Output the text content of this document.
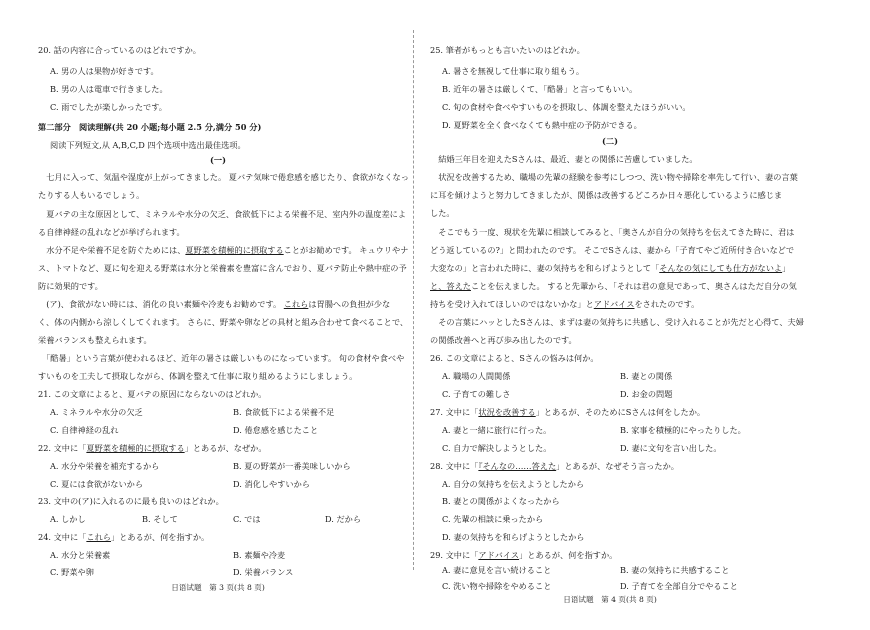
20. 話の内容に合っているのはどれですか。
A. 男の人は果物が好きです。
B. 男の人は電車で行きました。
C. 雨でしたが楽しかったです。
第二部分　阅读理解(共 20 小题;每小题 2.5 分,满分 50 分)
阅读下列短文,从 A,B,C,D 四个选项中选出最佳选项。
(一)
　七月に入って、気温や湿度が上がってきました。 夏バテ気味で倦怠感を感じたり、食欲がなくなっ
たりする人もいるでしょう。
　夏バテの主な原因として、ミネラルや水分の欠乏、食欲低下による栄養不足、室内外の温度差によ
る自律神経の乱れなどが挙げられます。
　水分不足や栄養不足を防ぐためには、夏野菜を積極的に摂取することがお勧めです。 キュウリやナ
ス、トマトなど、夏に旬を迎える野菜は水分と栄養素を豊富に含んでおり、夏バテ防止や熱中症の予
防に効果的です。
　(ア)、食欲がない時には、消化の良い素麺や冷麦もお勧めです。 これらは胃腸への負担が少な
く、体の内側から涼しくしてくれます。 さらに、野菜や卵などの具材と組み合わせて食べることで、
栄養バランスも整えられます。
　「酷暑」という言葉が使われるほど、近年の暑さは厳しいものになっています。 旬の食材や食べや
すいものを工夫して摂取しながら、体調を整えて仕事に取り組めるようにしましょう。
21. この文章によると、夏バテの原因にならないのはどれか。
A. ミネラルや水分の欠乏	B. 食欲低下による栄養不足
C. 自律神経の乱れ	D. 倦怠感を感じたこと
22. 文中に「夏野菜を積極的に摂取する」とあるが、なぜか。
A. 水分や栄養を補充するから	B. 夏の野菜が一番美味しいから
C. 夏には食欲がないから	D. 消化しやすいから
23. 文中の(ア)に入れるのに最も良いのはどれか。
A. しかし	B. そして	C. では	D. だから
24. 文中に「これら」とあるが、何を指すか。
A. 水分と栄養素	B. 素麺や冷麦
C. 野菜や卵	D. 栄養バランス
日语试题　第 3 页(共 8 页)
25. 筆者がもっとも言いたいのはどれか。
A. 暑さを無視して仕事に取り組もう。
B. 近年の暑さは厳しくて、「酷暑」と言ってもいい。
C. 旬の食材や食べやすいものを摂取し、体調を整えたほうがいい。
D. 夏野菜を全く食べなくても熱中症の予防ができる。
(二)
　結婚三年目を迎えたSさんは、最近、妻との関係に苦慮していました。
　状況を改善するため、職場の先輩の経験を参考にしつつ、洗い物や掃除を率先して行い、妻の言葉
に耳を傾けようと努力してきましたが、関係は改善するどころか日々悪化しているように感じま
した。
　そこでもう一度、現状を先輩に相談してみると、「奥さんが自分の気持ちを伝えてきた時に、君は
どう返しているの?」と問われたのです。 そこでSさんは、妻から「子育てやご近所付き合いなどで
大変なの」と言われた時に、妻の気持ちを和らげようとして「そんなの気にしても仕方がないよ」
と、答えたことを伝えました。 すると先輩から、「それは君の意見であって、奥さんはただ自分の気
持ちを受け入れてほしいのではないかな」とアドバイスをされたのです。
　その言葉にハッとしたSさんは、まずは妻の気持ちに共感し、受け入れることが先だと心得て、夫婦
の関係改善へと再び歩み出したのです。
26. この文章によると、Sさんの悩みは何か。
A. 職場の人間関係	B. 妻との関係
C. 子育ての難しさ	D. お金の問題
27. 文中に「状況を改善する」とあるが、そのためにSさんは何をしたか。
A. 妻と一緒に旅行に行った。	B. 家事を積極的にやったりした。
C. 自力で解決しようとした。	D. 妻に文句を言い出した。
28. 文中に「『そんなの……答えた」とあるが、なぜそう言ったか。
A. 自分の気持ちを伝えようとしたから
B. 妻との関係がよくなったから
C. 先輩の相談に乗ったから
D. 妻の気持ちを和らげようとしたから
29. 文中に「アドバイス」とあるが、何を指すか。
A. 妻に意見を言い続けること	B. 妻の気持ちに共感すること
日语试题　第 4 页(共 8 页)
C. 洗い物や掃除をやめること	D. 子育てを全部自分でやること
